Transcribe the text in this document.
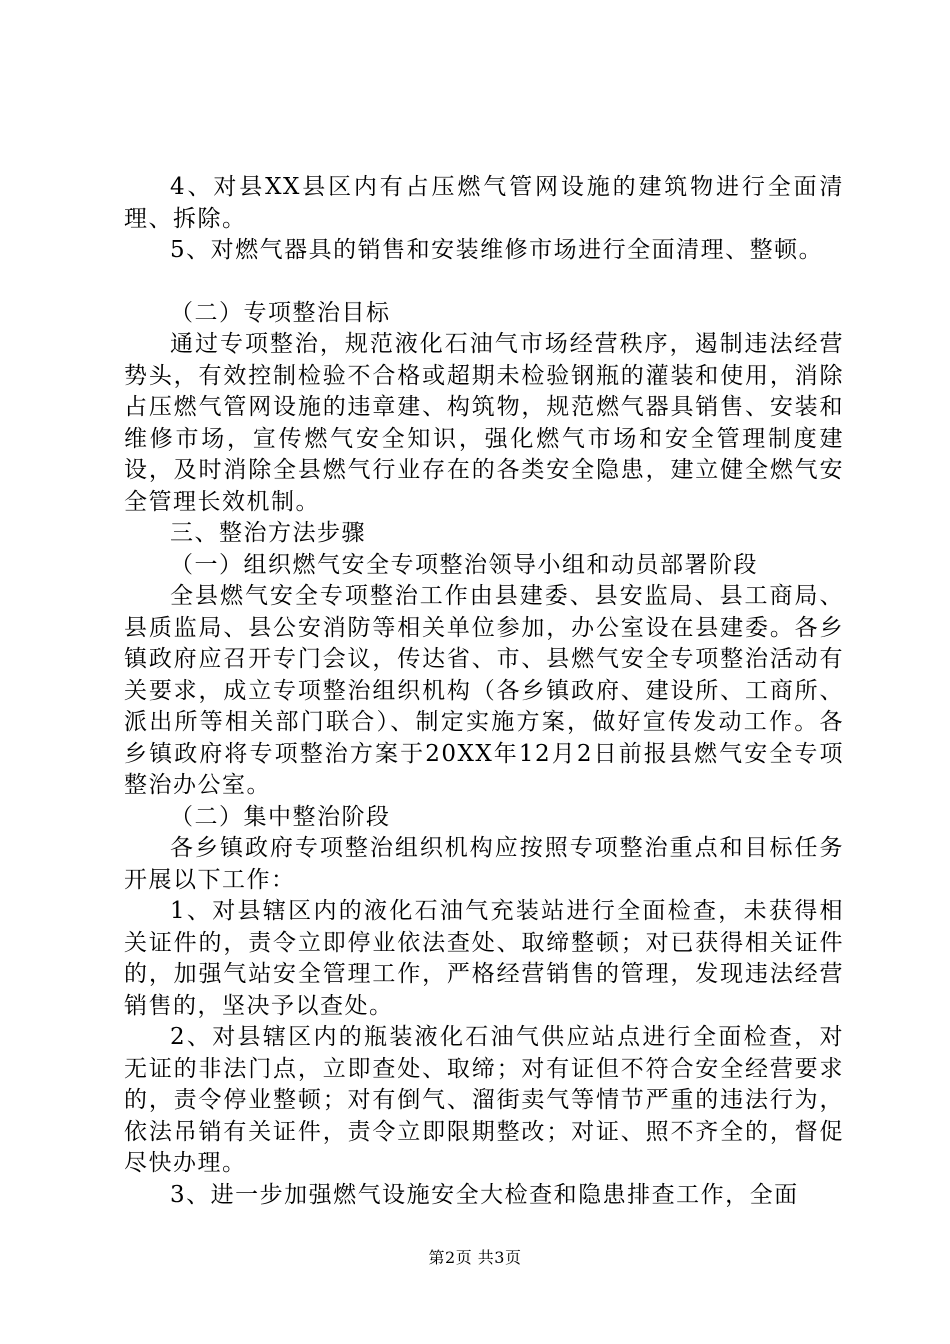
4、对县XX县区内有占压燃气管网设施的建筑物进行全面清理、拆除。

5、对燃气器具的销售和安装维修市场进行全面清理、整顿。

（二）专项整治目标

通过专项整治，规范液化石油气市场经营秩序，遏制违法经营势头，有效控制检验不合格或超期未检验钢瓶的灌装和使用，消除占压燃气管网设施的违章建、构筑物，规范燃气器具销售、安装和维修市场，宣传燃气安全知识，强化燃气市场和安全管理制度建设，及时消除全县燃气行业存在的各类安全隐患，建立健全燃气安全管理长效机制。

三、整治方法步骤

（一）组织燃气安全专项整治领导小组和动员部署阶段

全县燃气安全专项整治工作由县建委、县安监局、县工商局、县质监局、县公安消防等相关单位参加，办公室设在县建委。各乡镇政府应召开专门会议，传达省、市、县燃气安全专项整治活动有关要求，成立专项整治组织机构（各乡镇政府、建设所、工商所、派出所等相关部门联合）、制定实施方案，做好宣传发动工作。各乡镇政府将专项整治方案于20XX年12月2日前报县燃气安全专项整治办公室。

（二）集中整治阶段

各乡镇政府专项整治组织机构应按照专项整治重点和目标任务开展以下工作：

1、对县辖区内的液化石油气充装站进行全面检查，未获得相关证件的，责令立即停业依法查处、取缔整顿；对已获得相关证件的，加强气站安全管理工作，严格经营销售的管理，发现违法经营销售的，坚决予以查处。

2、对县辖区内的瓶装液化石油气供应站点进行全面检查，对无证的非法门点，立即查处、取缔；对有证但不符合安全经营要求的，责令停业整顿；对有倒气、溜街卖气等情节严重的违法行为，依法吊销有关证件，责令立即限期整改；对证、照不齐全的，督促尽快办理。

3、进一步加强燃气设施安全大检查和隐患排查工作，全面

第2页 共3页
